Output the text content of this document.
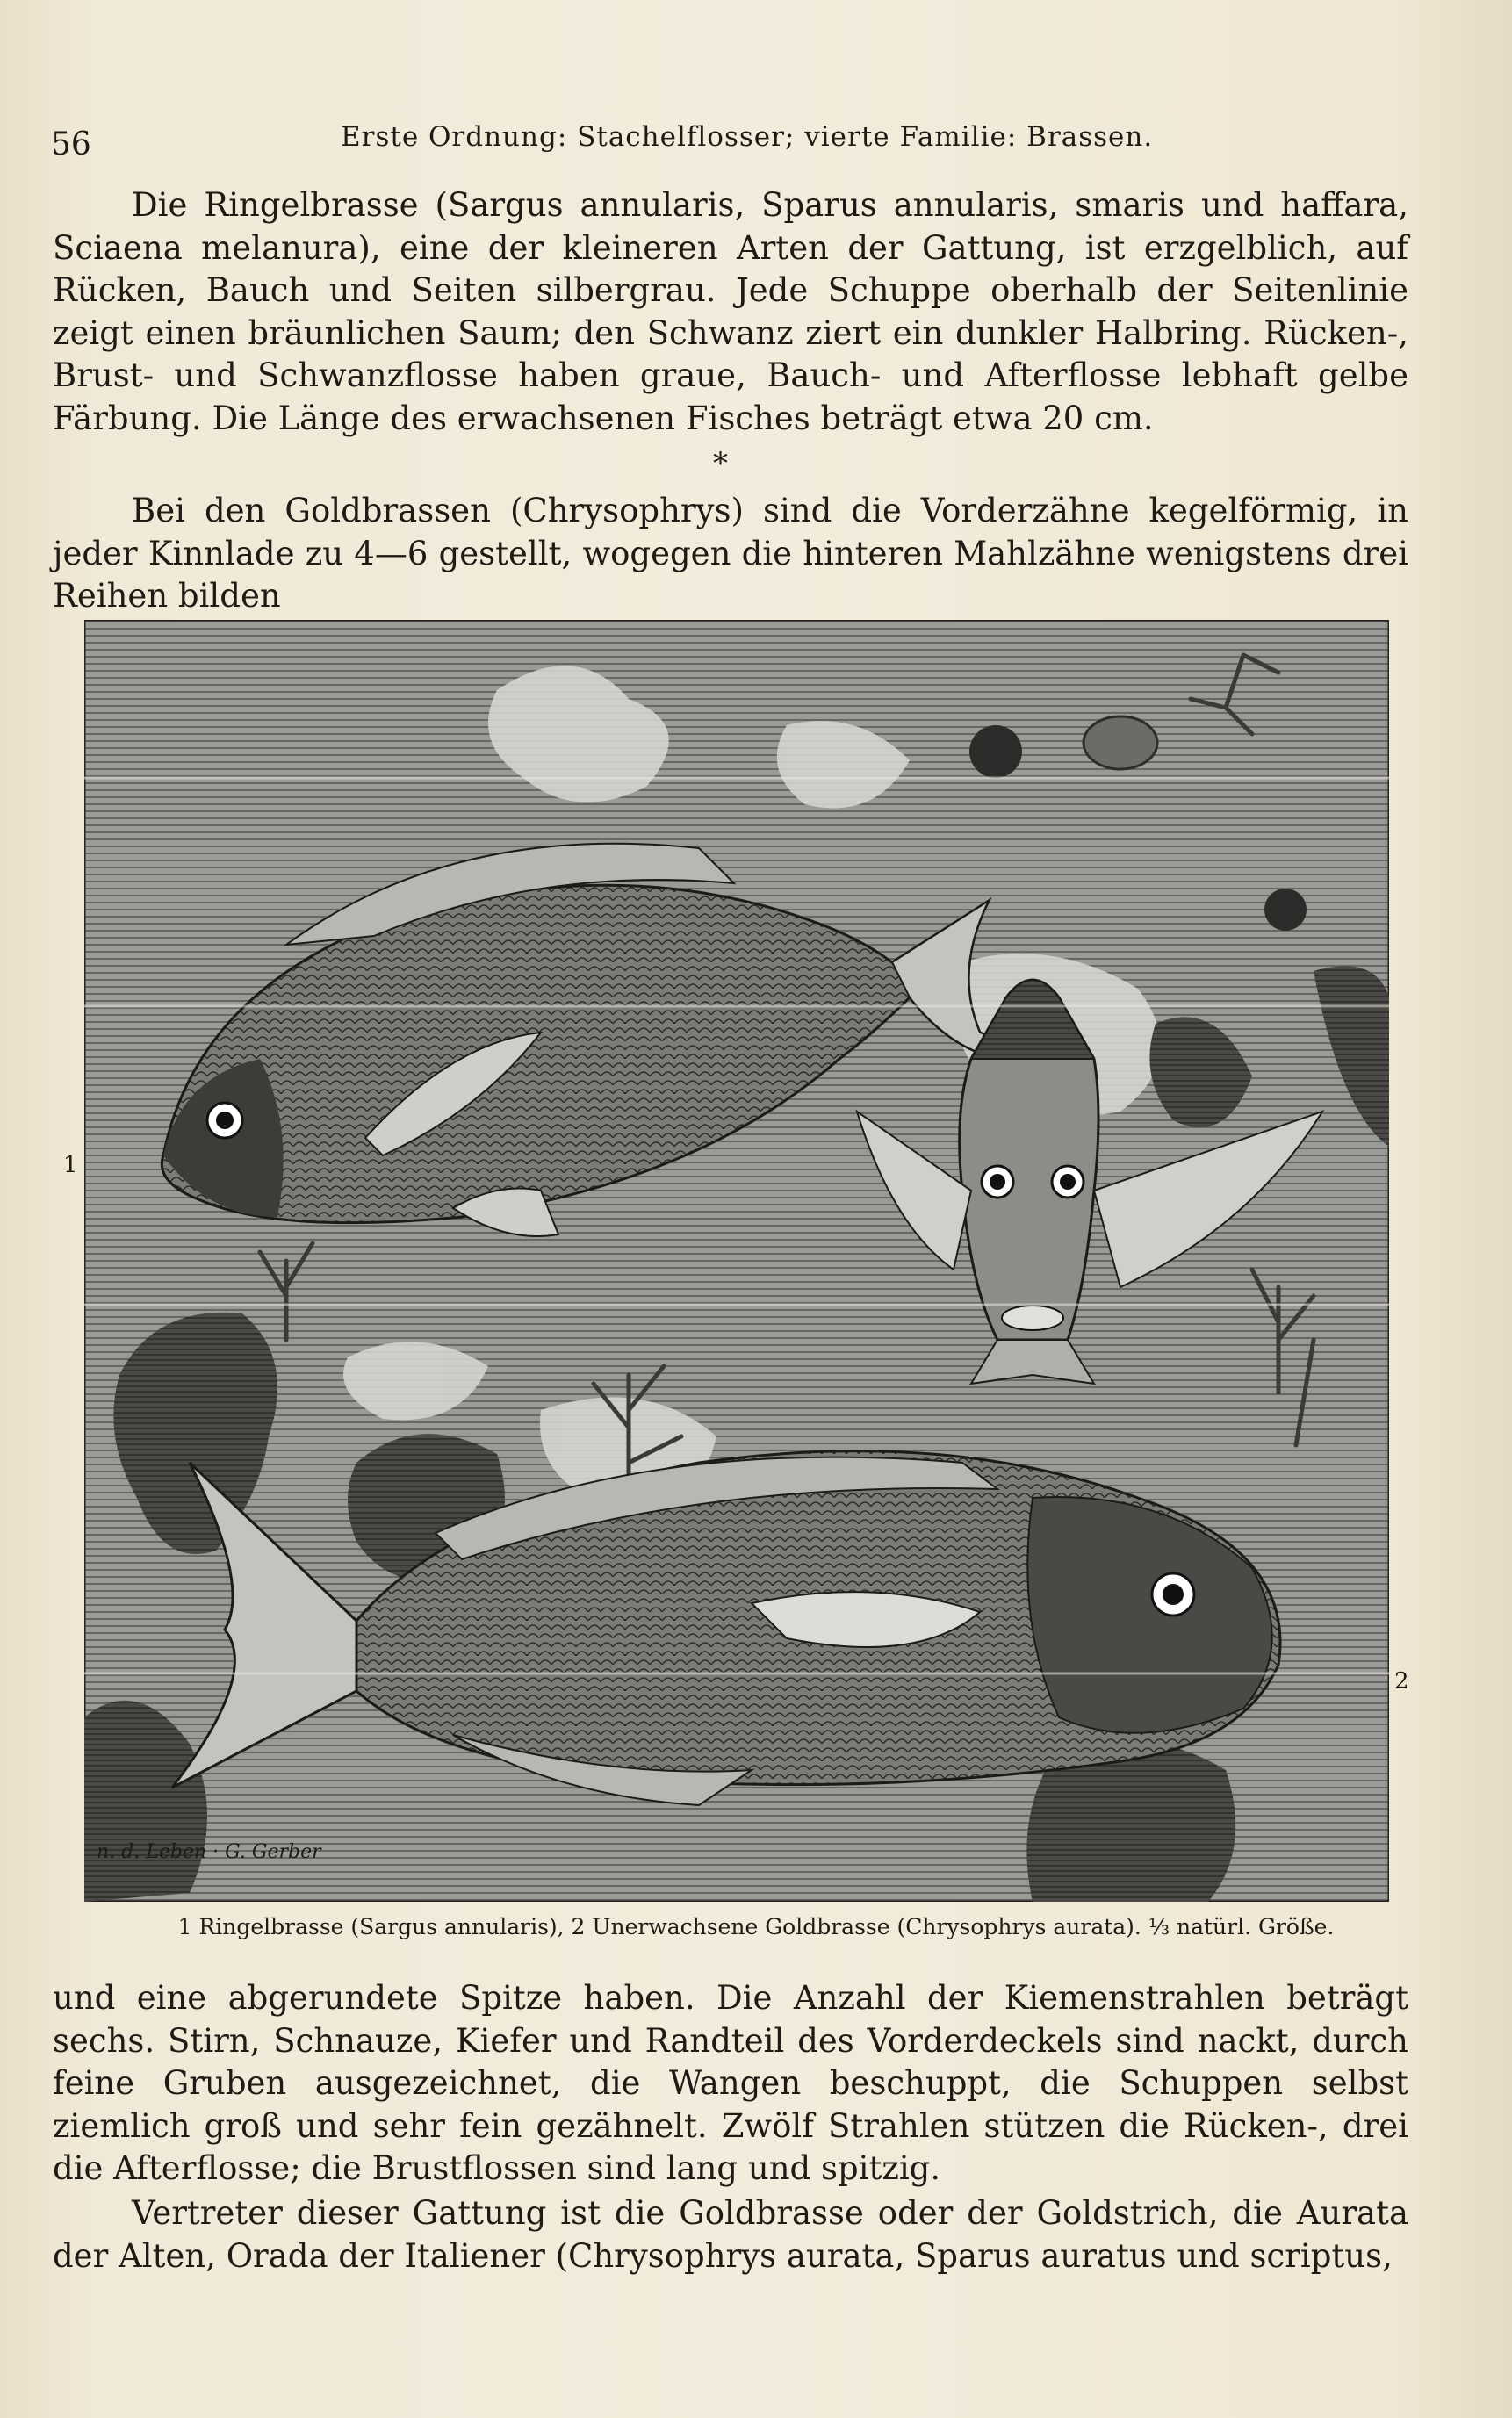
56	Erste Ordnung: Stachelflosser; vierte Familie: Brassen.

Die Ringelbrasse (Sargus annularis, Sparus annularis, smaris und haffara, Sciaena melanura), eine der kleineren Arten der Gattung, ist erzgelblich, auf Rücken, Bauch und Seiten silbergrau. Jede Schuppe oberhalb der Seitenlinie zeigt einen bräunlichen Saum; den Schwanz ziert ein dunkler Halbring. Rücken-, Brust- und Schwanzflosse haben graue, Bauch- und Afterflosse lebhaft gelbe Färbung. Die Länge des erwachsenen Fisches beträgt etwa 20 cm.

*

Bei den Goldbrassen (Chrysophrys) sind die Vorderzähne kegelförmig, in jeder Kinnlade zu 4—6 gestellt, wogegen die hinteren Mahlzähne wenigstens drei Reihen bilden

n. d. Leben · G. Gerber
1
2
1 Ringelbrasse (Sargus annularis), 2 Unerwachsene Goldbrasse (Chrysophrys aurata). ⅓ natürl. Größe.

und eine abgerundete Spitze haben. Die Anzahl der Kiemenstrahlen beträgt sechs. Stirn, Schnauze, Kiefer und Randteil des Vorderdeckels sind nackt, durch feine Gruben ausgezeichnet, die Wangen beschuppt, die Schuppen selbst ziemlich groß und sehr fein gezähnelt. Zwölf Strahlen stützen die Rücken-, drei die Afterflosse; die Brustflossen sind lang und spitzig.

Vertreter dieser Gattung ist die Goldbrasse oder der Goldstrich, die Aurata der Alten, Orada der Italiener (Chrysophrys aurata, Sparus auratus und scriptus,
